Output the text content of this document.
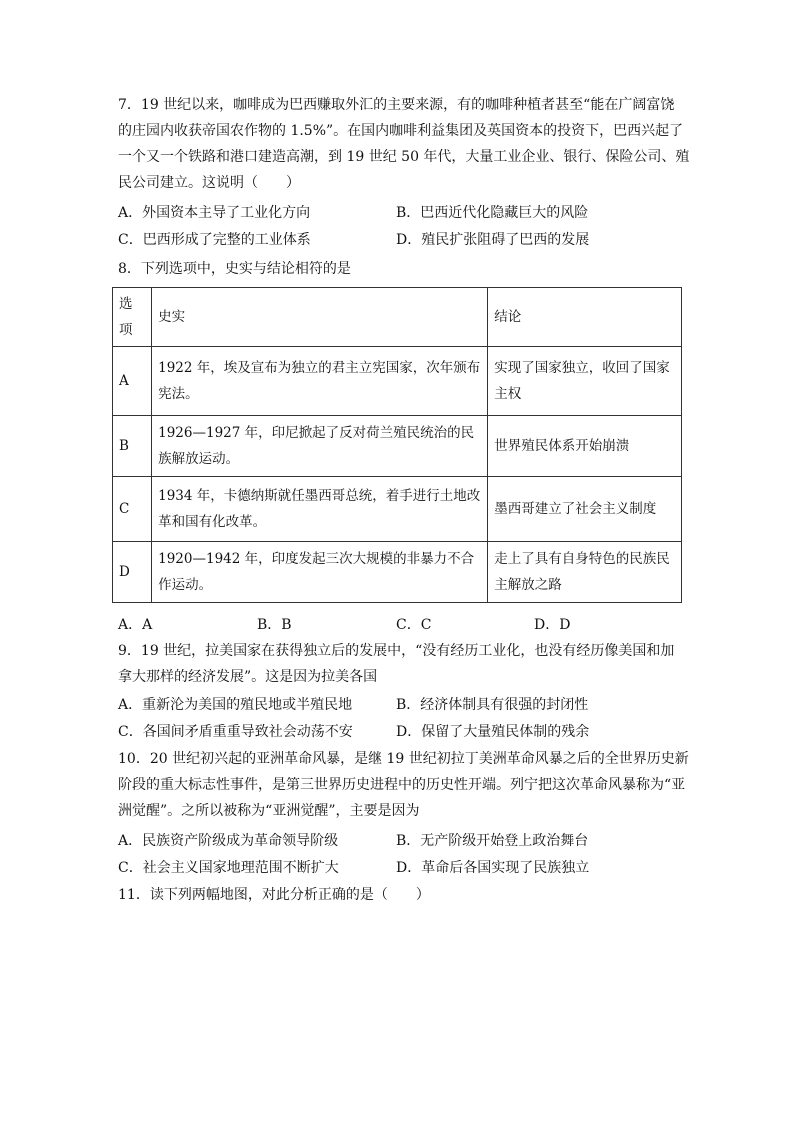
7．19 世纪以来，咖啡成为巴西赚取外汇的主要来源，有的咖啡种植者甚至“能在广阔富饶
的庄园内收获帝国农作物的 1.5%”。在国内咖啡利益集团及英国资本的投资下，巴西兴起了
一个又一个铁路和港口建造高潮，到 19 世纪 50 年代，大量工业企业、银行、保险公司、殖
民公司建立。这说明（　　）
A．外国资本主导了工业化方向	B．巴西近代化隐藏巨大的风险
C．巴西形成了完整的工业体系	D．殖民扩张阻碍了巴西的发展
8．下列选项中，史实与结论相符的是
选项	史实	结论
A	1922 年，埃及宣布为独立的君主立宪国家，次年颁布宪法。	实现了国家独立，收回了国家主权
B	1926—1927 年，印尼掀起了反对荷兰殖民统治的民族解放运动。	世界殖民体系开始崩溃
C	1934 年，卡德纳斯就任墨西哥总统，着手进行土地改革和国有化改革。	墨西哥建立了社会主义制度
D	1920—1942 年，印度发起三次大规模的非暴力不合作运动。	走上了具有自身特色的民族民主解放之路
A．A	B．B	C．C	D．D
9．19 世纪，拉美国家在获得独立后的发展中，“没有经历工业化，也没有经历像美国和加
拿大那样的经济发展”。这是因为拉美各国
A．重新沦为美国的殖民地或半殖民地	B．经济体制具有很强的封闭性
C．各国间矛盾重重导致社会动荡不安	D．保留了大量殖民体制的残余
10．20 世纪初兴起的亚洲革命风暴，是继 19 世纪初拉丁美洲革命风暴之后的全世界历史新
阶段的重大标志性事件，是第三世界历史进程中的历史性开端。列宁把这次革命风暴称为“亚
洲觉醒”。之所以被称为“亚洲觉醒”，主要是因为
A．民族资产阶级成为革命领导阶级	B．无产阶级开始登上政治舞台
C．社会主义国家地理范围不断扩大	D．革命后各国实现了民族独立
11．读下列两幅地图，对此分析正确的是（　　）
